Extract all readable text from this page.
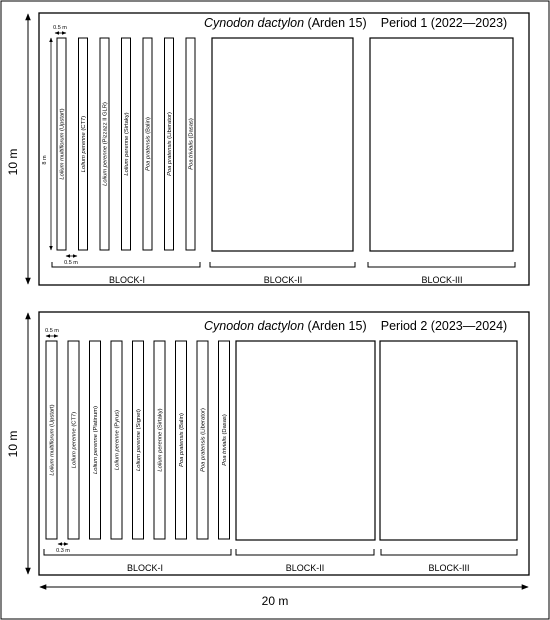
10 m
Cynodon dactylon (Arden 15) Period 1 (2022—2023)
0.5 m
8 m
0.5 m
Lolium multiflorum (Upstart)
Lolium perenne (CT7)
Lolium perenne (Pizzazz II GLR)
Lolium perenne (Sirtaky)
Poa pratensis (Balin)
Poa pratensis (Liberator)
Poa trivialis (Dasas)
BLOCK-I	BLOCK-II	BLOCK-III
10 m
Cynodon dactylon (Arden 15) Period 2 (2023—2024)
0.5 m
0.3 m
Lolium multiflorum (Upstart)
Lolium perenne (CT7)
Lolium perenne (Platinum)
Lolium perenne (Pyrus)
Lolium perenne (Signet)
Lolium perenne (Sirtaky)
Poa pratensis (Balin)
Poa pratensis (Liberator)
Poa trivialis (Dasas)
BLOCK-I	BLOCK-II	BLOCK-III
20 m
